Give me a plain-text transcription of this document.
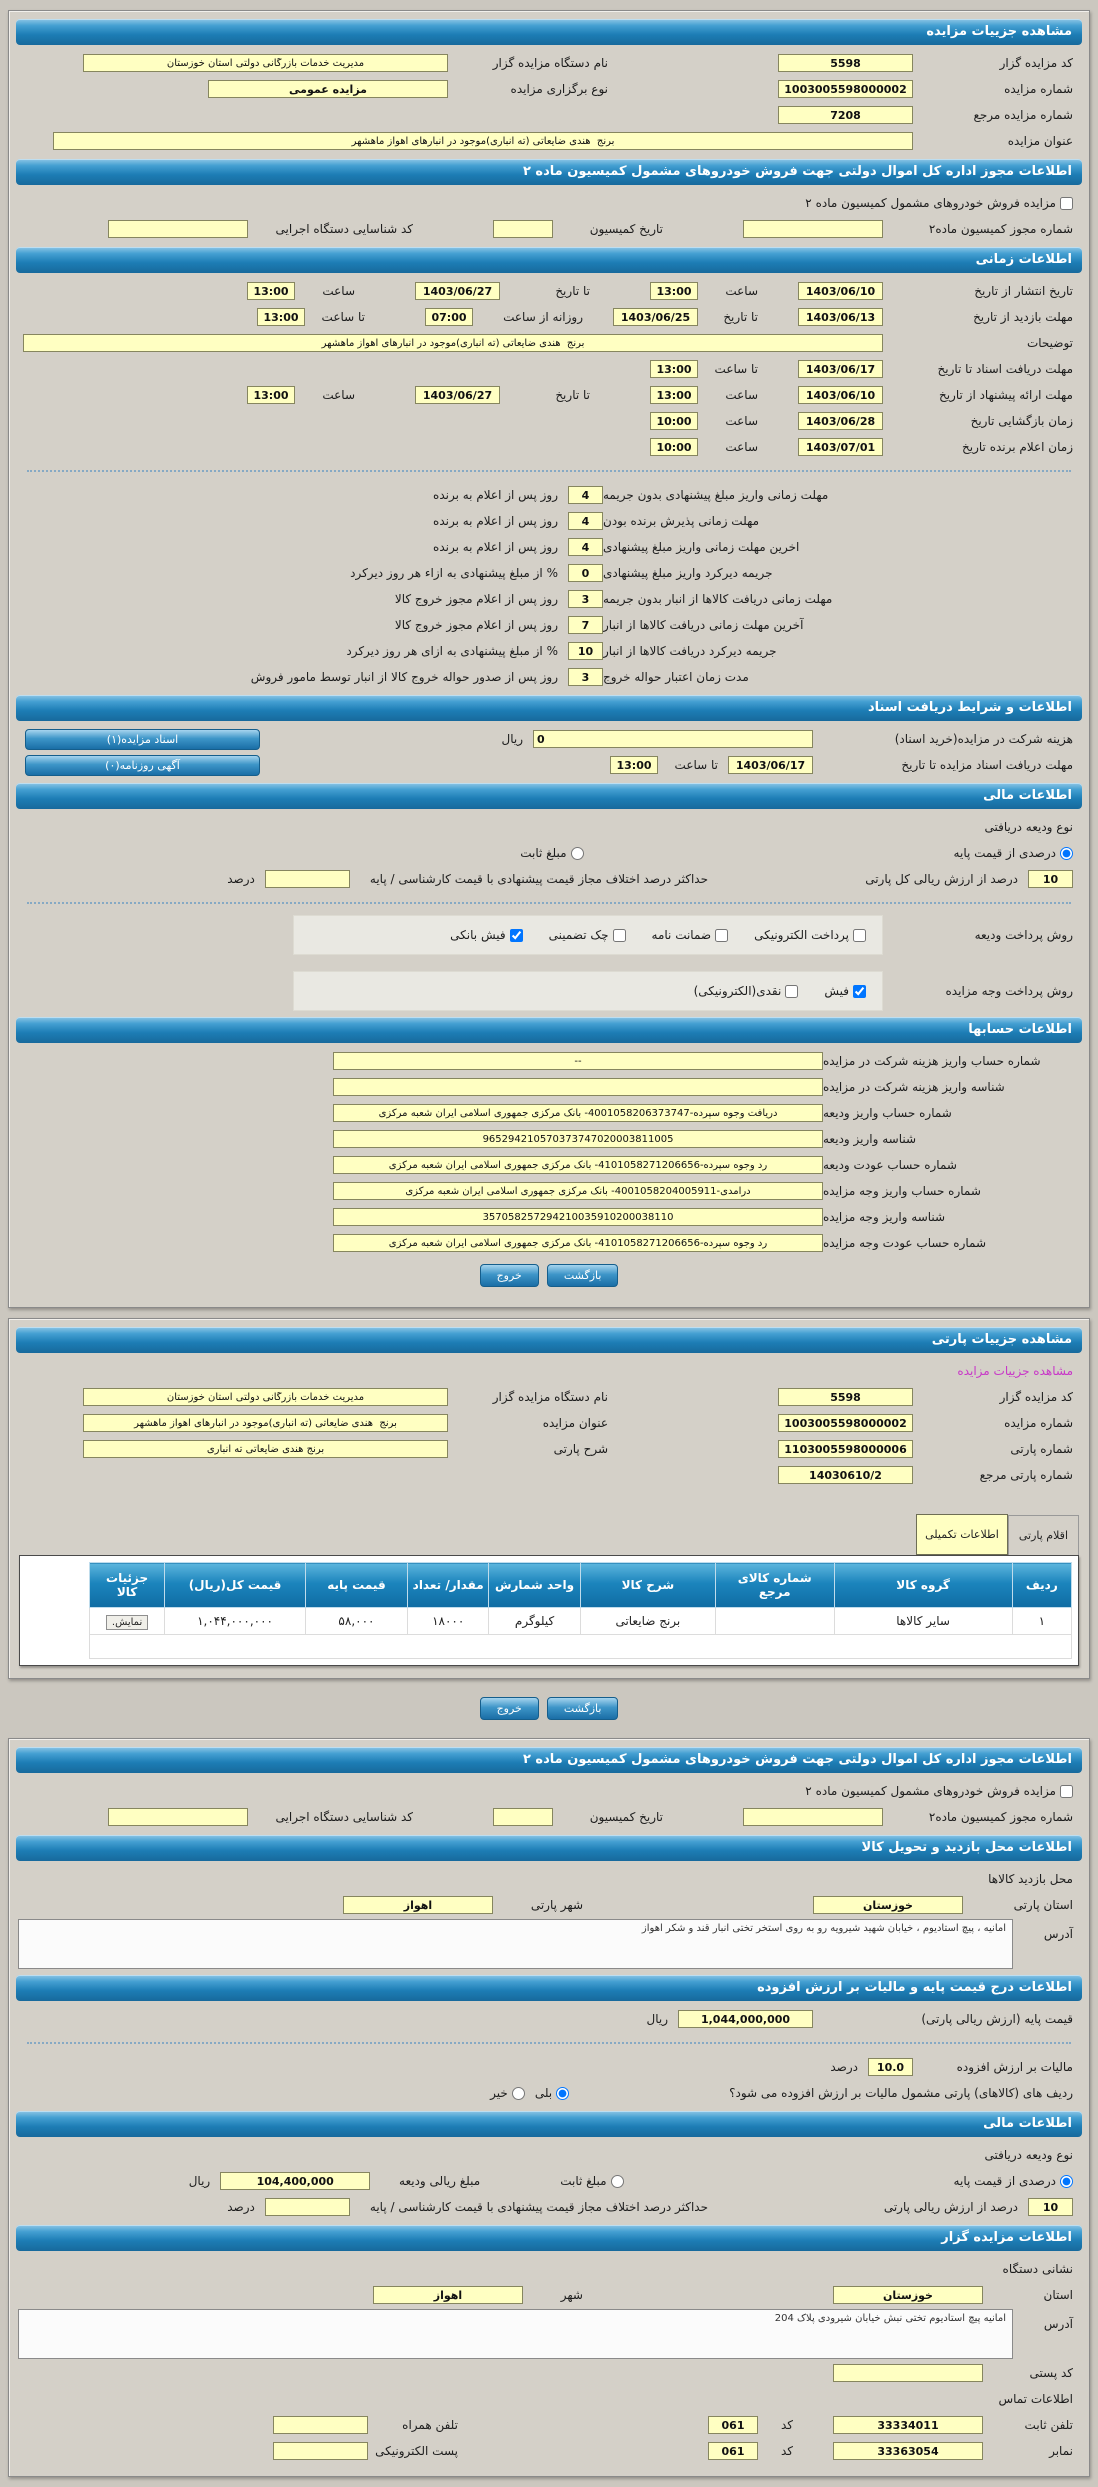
مشاهده جزییات مزایده
کد مزایده گزار
5598
نام دستگاه مزایده گزار
مدیریت خدمات بازرگانی دولتی استان خوزستان
شماره مزایده
1003005598000002
نوع برگزاری مزایده
مزایده عمومی
شماره مزایده مرجع
7208
عنوان مزایده
برنج هندی ضایعاتی (ته انباری)موجود در انبارهای اهواز ماهشهر
اطلاعات مجوز اداره کل اموال دولتی جهت فروش خودروهای مشمول کمیسیون ماده ۲
مزایده فروش خودروهای مشمول کمیسیون ماده ۲
شماره مجوز کمیسیون ماده۲
تاریخ کمیسیون
کد شناسایی دستگاه اجرایی
اطلاعات زمانی
تاریخ انتشار از تاریخ
1403/06/10
ساعت
13:00
تا تاریخ
1403/06/27
ساعت
13:00
مهلت بازدید از تاریخ
1403/06/13
تا تاریخ
1403/06/25
روزانه از ساعت
07:00
تا ساعت
13:00
توضیحات
برنج هندی ضایعاتی (ته انباری)موجود در انبارهای اهواز ماهشهر
مهلت دریافت اسناد تا تاریخ
1403/06/17
تا ساعت
13:00
مهلت ارائه پیشنهاد از تاریخ
1403/06/10
ساعت
13:00
تا تاریخ
1403/06/27
ساعت
13:00
زمان بازگشایی تاریخ
1403/06/28
ساعت
10:00
زمان اعلام برنده تاریخ
1403/07/01
ساعت
10:00
مهلت زمانی واریز مبلغ پیشنهادی بدون جریمه
4
روز پس از اعلام به برنده
مهلت زمانی پذیرش برنده بودن
4
روز پس از اعلام به برنده
اخرین مهلت زمانی واریز مبلغ پیشنهادی
4
روز پس از اعلام به برنده
جریمه دیرکرد واریز مبلغ پیشنهادی
0
% از مبلغ پیشنهادی به ازاء هر روز دیرکرد
مهلت زمانی دریافت کالاها از انبار بدون جریمه
3
روز پس از اعلام مجوز خروج کالا
آخرین مهلت زمانی دریافت کالاها از انبار
7
روز پس از اعلام مجوز خروج کالا
جریمه دیرکرد دریافت کالاها از انبار
10
% از مبلغ پیشنهادی به ازای هر روز دیرکرد
مدت زمان اعتبار حواله خروج
3
روز پس از صدور حواله خروج کالا از انبار توسط مامور فروش
اطلاعات و شرایط دریافت اسناد
هزینه شرکت در مزایده(خرید اسناد)
0
ریال
اسناد مزایده(۱)
مهلت دریافت اسناد مزایده تا تاریخ
1403/06/17
تا ساعت
13:00
آگهی روزنامه(۰)
اطلاعات مالی
نوع ودیعه دریافتی
درصدی از قیمت پایه
مبلغ ثابت
10
درصد از ارزش ریالی کل پارتی
حداکثر درصد اختلاف مجاز قیمت پیشنهادی با قیمت کارشناسی / پایه
درصد
روش پرداخت ودیعه
پرداخت الکترونیکی
ضمانت نامه
چک تضمینی
فیش بانکی
روش پرداخت وجه مزایده
فیش
نقدی(الکترونیکی)
اطلاعات حسابها
شماره حساب واریز هزینه شرکت در مزایده
--
شناسه واریز هزینه شرکت در مزایده
شماره حساب واریز ودیعه
دریافت وجوه سپرده-4001058206373747- بانک مرکزی جمهوری اسلامی ایران شعبه مرکزی
شناسه واریز ودیعه
965294210570373747020003811005
شماره حساب عودت ودیعه
رد وجوه سپرده-4101058271206656- بانک مرکزی جمهوری اسلامی ایران شعبه مرکزی
شماره حساب واریز وجه مزایده
درآمدی-4001058204005911- بانک مرکزی جمهوری اسلامی ایران شعبه مرکزی
شناسه واریز وجه مزایده
357058257294210035910200038110
شماره حساب عودت وجه مزایده
رد وجوه سپرده-4101058271206656- بانک مرکزی جمهوری اسلامی ایران شعبه مرکزی
بازگشت
خروج
مشاهده جزییات پارتی
مشاهده جزییات مزایده
کد مزایده گزار
5598
نام دستگاه مزایده گزار
مدیریت خدمات بازرگانی دولتی استان خوزستان
شماره مزایده
1003005598000002
عنوان مزایده
برنج هندی ضایعاتی (ته انباری)موجود در انبارهای اهواز ماهشهر
شماره پارتی
1103005598000006
شرح پارتی
برنج هندی ضایعاتی ته انباری
شماره پارتی مرجع
14030610/2
اقلام پارتی
اطلاعات تکمیلی
ردیف	گروه کالا	شماره کالای مرجع	شرح کالا	واحد شمارش	مقدار/ تعداد	قیمت پایه	قیمت کل(ریال)	جزئیات کالا
۱	سایر کالاها		برنج ضایعاتی	کیلوگرم	۱۸۰۰۰	۵۸,۰۰۰	۱,۰۴۴,۰۰۰,۰۰۰	نمایش.

بازگشت
خروج
اطلاعات مجوز اداره کل اموال دولتی جهت فروش خودروهای مشمول کمیسیون ماده ۲
مزایده فروش خودروهای مشمول کمیسیون ماده ۲
شماره مجوز کمیسیون ماده۲
تاریخ کمیسیون
کد شناسایی دستگاه اجرایی
اطلاعات محل بازدید و تحویل کالا
محل بازدید کالاها
استان پارتی
خوزستان
شهر پارتی
اهواز
آدرس
امانیه ، پیچ استادیوم ، خیابان شهید شیرویه رو به روی استخر تختی انبار قند و شکر اهواز
اطلاعات درج قیمت پایه و مالیات بر ارزش افزوده
قیمت پایه (ارزش ریالی پارتی)
1,044,000,000
ریال
مالیات بر ارزش افزوده
10.0
درصد
ردیف های (کالاهای) پارتی مشمول مالیات بر ارزش افزوده می شود؟
بلی
خیر
اطلاعات مالی
نوع ودیعه دریافتی
درصدی از قیمت پایه
مبلغ ثابت
مبلغ ریالی ودیعه
104,400,000
ریال
10
درصد از ارزش ریالی پارتی
حداکثر درصد اختلاف مجاز قیمت پیشنهادی با قیمت کارشناسی / پایه
درصد
اطلاعات مزایده گزار
نشانی دستگاه
استان
خوزستان
شهر
اهواز
آدرس
امانیه پیچ استادیوم تختی نبش خیابان شیرودی پلاک 204
کد پستی
اطلاعات تماس
تلفن ثابت
33334011
کد
061
تلفن همراه
نمابر
33363054
کد
061
پست الکترونیکی
